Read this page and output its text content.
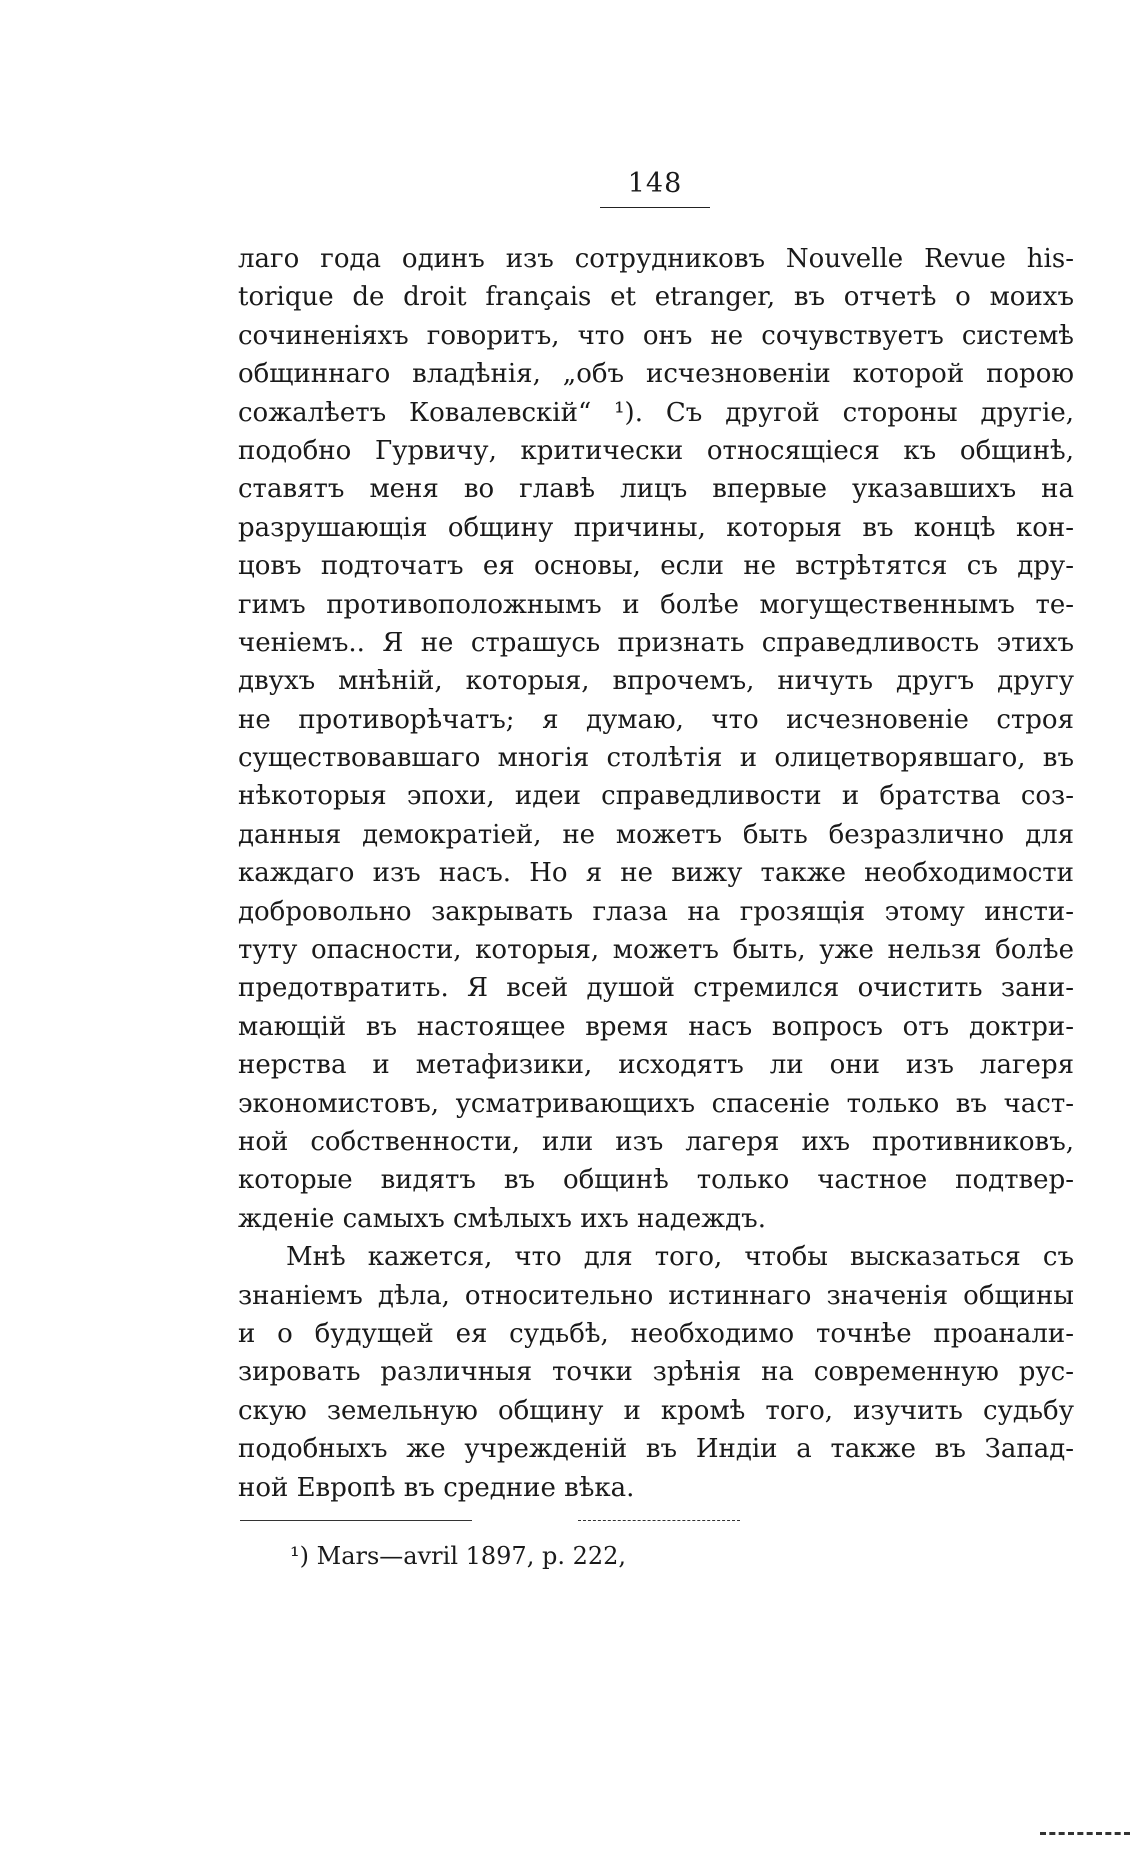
148
лаго года одинъ изъ сотрудниковъ Nouvelle Revue his-
torique de droit français et etranger, въ отчетѣ о моихъ
сочиненiяхъ говоритъ, что онъ не сочувствуетъ системѣ
общиннаго владѣнiя, „объ исчезновенiи которой порою
сожалѣетъ Ковалевскiй“ ¹). Съ другой стороны другiе,
подобно Гурвичу, критически относящiеся къ общинѣ,
ставятъ меня во главѣ лицъ впервые указавшихъ на
разрушающiя общину причины, которыя въ концѣ кон-
цовъ подточатъ ея основы, если не встрѣтятся съ дру-
гимъ противоположнымъ и болѣе могущественнымъ те-
ченiемъ.. Я не страшусь признать справедливость этихъ
двухъ мнѣнiй, которыя, впрочемъ, ничуть другъ другу
не противорѣчатъ; я думаю, что исчезновенiе строя
существовавшаго многiя столѣтiя и олицетворявшаго, въ
нѣкоторыя эпохи, идеи справедливости и братства соз-
данныя демократiей, не можетъ быть безразлично для
каждаго изъ насъ. Но я не вижу также необходимости
добровольно закрывать глаза на грозящiя этому инсти-
туту опасности, которыя, можетъ быть, уже нельзя болѣе
предотвратить. Я всей душой стремился очистить зани-
мающiй въ настоящее время насъ вопросъ отъ доктри-
нерства и метафизики, исходятъ ли они изъ лагеря
экономистовъ, усматривающихъ спасенiе только въ част-
ной собственности, или изъ лагеря ихъ противниковъ,
которые видятъ въ общинѣ только частное подтвер-
жденiе самыхъ смѣлыхъ ихъ надеждъ.
Мнѣ кажется, что для того, чтобы высказаться съ
знанiемъ дѣла, относительно истиннаго значенiя общины
и о будущей ея судьбѣ, необходимо точнѣе проанали-
зировать различныя точки зрѣнiя на современную рус-
скую земельную общину и кромѣ того, изучить судьбу
подобныхъ же учрежденiй въ Индiи а также въ Запад-
ной Европѣ въ средние вѣка.
¹) Mars—avril 1897, p. 222,
